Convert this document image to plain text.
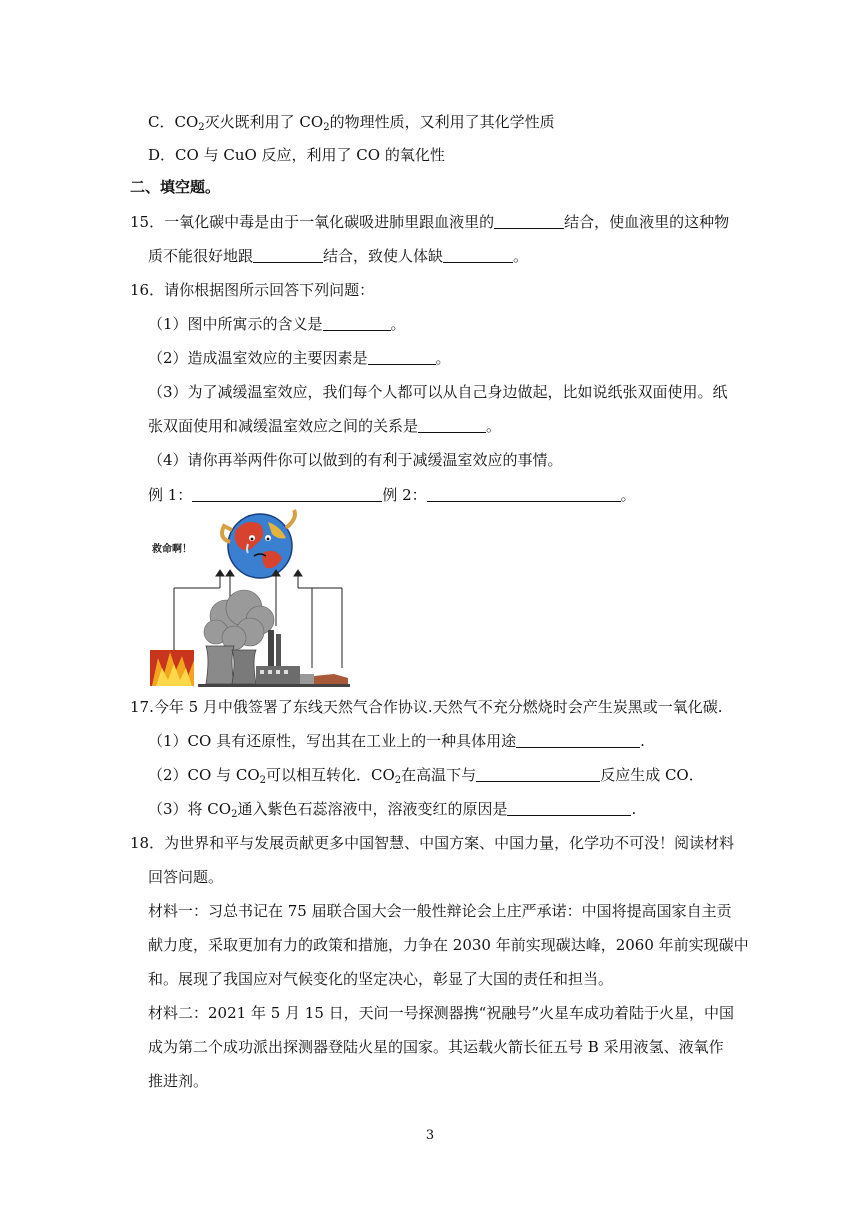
C．$CO_2$灭火既利用了 $CO_2$的物理性质，又利用了其化学性质
D．CO 与 CuO 反应，利用了 CO 的氧化性
二、填空题。
15．一氧化碳中毒是由于一氧化碳吸进肺里跟血液里的	结合，使血液里的这种物
质不能很好地跟	结合，致使人体缺	。
16．请你根据图所示回答下列问题：
（1）图中所寓示的含义是	。
（2）造成温室效应的主要因素是	。
（3）为了减缓温室效应，我们每个人都可以从自己身边做起，比如说纸张双面使用。纸
张双面使用和减缓温室效应之间的关系是	。
（4）请你再举两件你可以做到的有利于减缓温室效应的事情。
例 1：	例 2：	。
救命啊！
17.今年 5 月中俄签署了东线天然气合作协议.天然气不充分燃烧时会产生炭黑或一氧化碳.
（1）CO 具有还原性，写出其在工业上的一种具体用途	.
（2）CO 与 $CO_2$可以相互转化．$CO_2$在高温下与	反应生成 CO．
（3）将 $CO_2$通入紫色石蕊溶液中，溶液变红的原因是	.
18．为世界和平与发展贡献更多中国智慧、中国方案、中国力量，化学功不可没！阅读材料
回答问题。
材料一：习总书记在 75 届联合国大会一般性辩论会上庄严承诺：中国将提高国家自主贡
献力度，采取更加有力的政策和措施，力争在 2030 年前实现碳达峰，2060 年前实现碳中
和。展现了我国应对气候变化的坚定决心，彰显了大国的责任和担当。
材料二：2021 年 5 月 15 日，天问一号探测器携“祝融号”火星车成功着陆于火星，中国
成为第二个成功派出探测器登陆火星的国家。其运载火箭长征五号 B 采用液氢、液氧作
推进剂。
3
